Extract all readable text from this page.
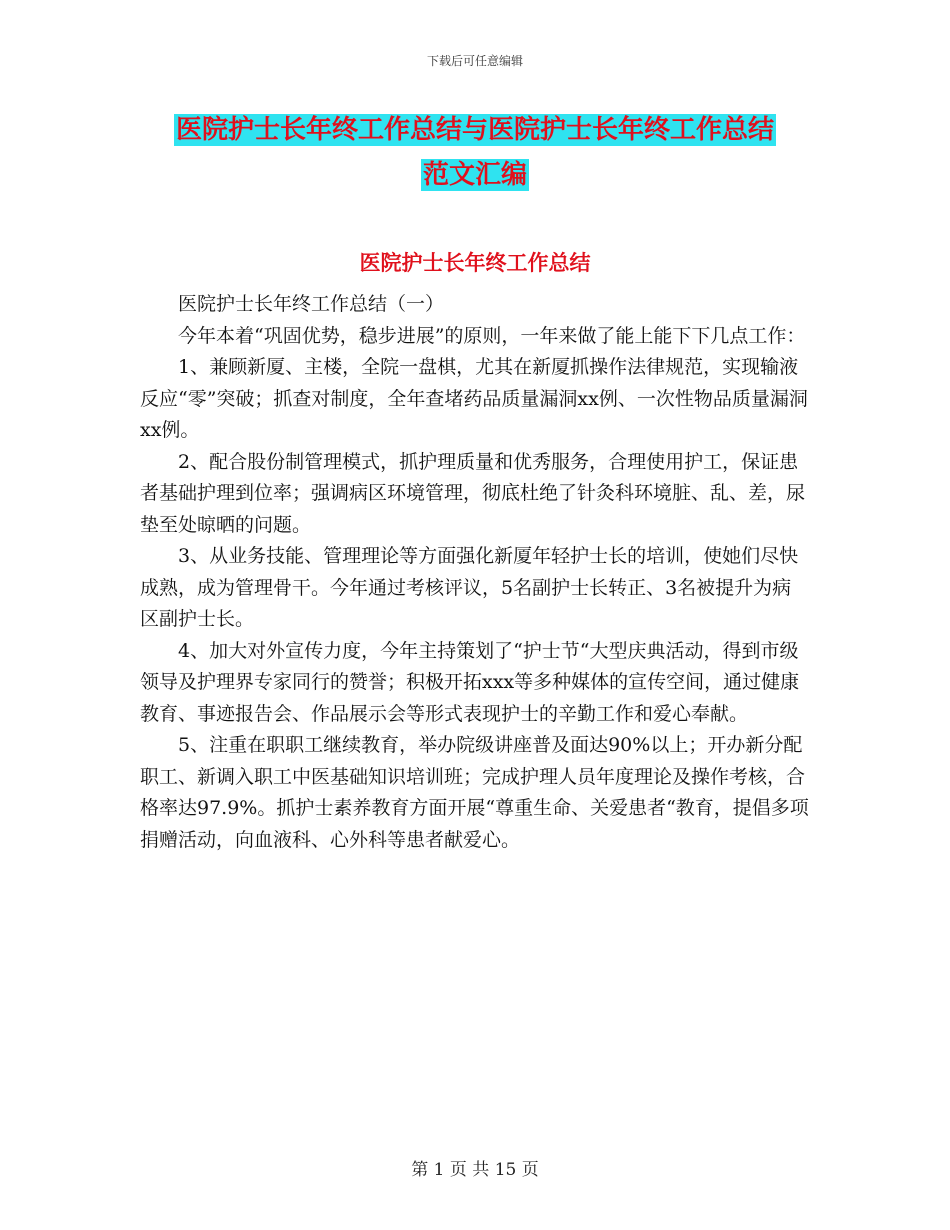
下载后可任意编辑
医院护士长年终工作总结与医院护士长年终工作总结
范文汇编
医院护士长年终工作总结

医院护士长年终工作总结（一）

今年本着“巩固优势，稳步进展”的原则，一年来做了能上能下下几点工作：

1、兼顾新厦、主楼，全院一盘棋，尤其在新厦抓操作法律规范，实现输液反应“零”突破；抓查对制度，全年查堵药品质量漏洞xx例、一次性物品质量漏洞xx例。

2、配合股份制管理模式，抓护理质量和优秀服务，合理使用护工，保证患者基础护理到位率；强调病区环境管理，彻底杜绝了针灸科环境脏、乱、差，尿垫至处晾晒的问题。

3、从业务技能、管理理论等方面强化新厦年轻护士长的培训，使她们尽快成熟，成为管理骨干。今年通过考核评议，5名副护士长转正、3名被提升为病区副护士长。

4、加大对外宣传力度，今年主持策划了“护士节“大型庆典活动，得到市级领导及护理界专家同行的赞誉；积极开拓xxx等多种媒体的宣传空间，通过健康教育、事迹报告会、作品展示会等形式表现护士的辛勤工作和爱心奉献。

5、注重在职职工继续教育，举办院级讲座普及面达90%以上；开办新分配职工、新调入职工中医基础知识培训班；完成护理人员年度理论及操作考核，合格率达97.9%。抓护士素养教育方面开展“尊重生命、关爱患者“教育，提倡多项捐赠活动，向血液科、心外科等患者献爱心。

第 1 页 共 15 页
